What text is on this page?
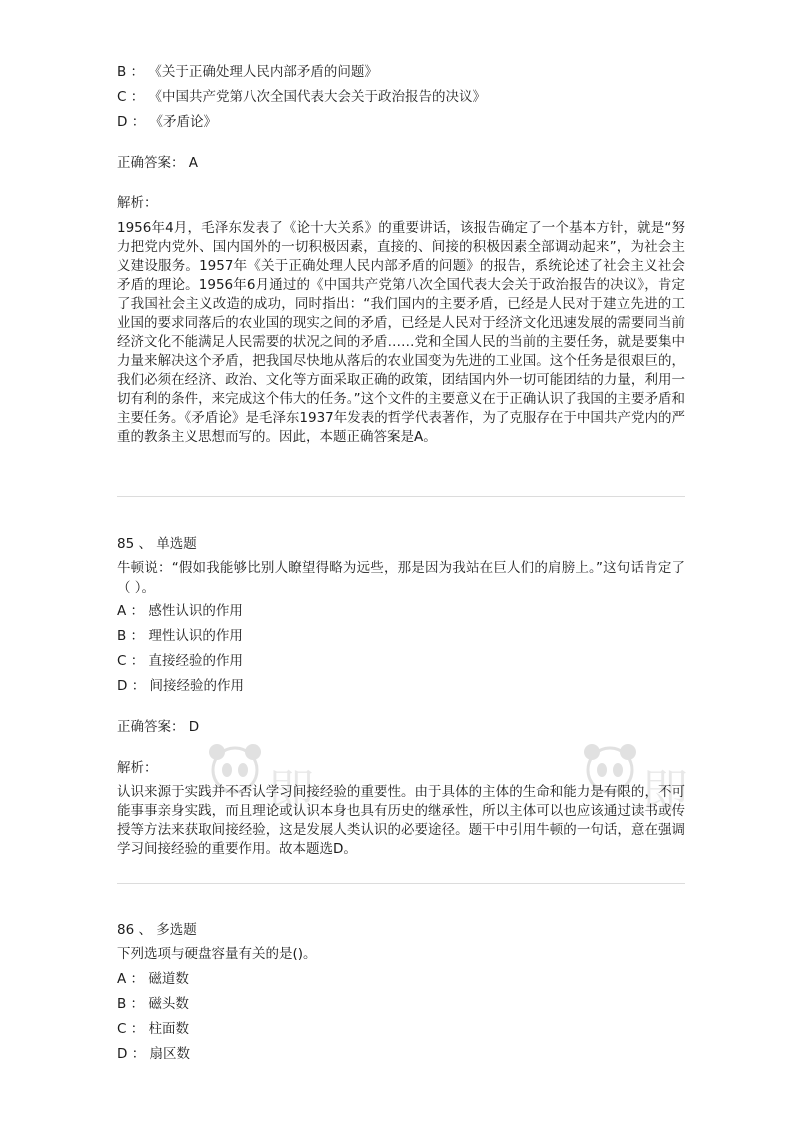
即	即
B ： 《关于正确处理人民内部矛盾的问题》
C ： 《中国共产党第八次全国代表大会关于政治报告的决议》
D ： 《矛盾论》
正确答案： A
解析：
1956年4月，毛泽东发表了《论十大关系》的重要讲话，该报告确定了一个基本方针，就是“努力把党内党外、国内国外的一切积极因素，直接的、间接的积极因素全部调动起来”，为社会主义建设服务。1957年《关于正确处理人民内部矛盾的问题》的报告，系统论述了社会主义社会矛盾的理论。1956年6月通过的《中国共产党第八次全国代表大会关于政治报告的决议》，肯定了我国社会主义改造的成功，同时指出：“我们国内的主要矛盾，已经是人民对于建立先进的工业国的要求同落后的农业国的现实之间的矛盾，已经是人民对于经济文化迅速发展的需要同当前经济文化不能满足人民需要的状况之间的矛盾……党和全国人民的当前的主要任务，就是要集中力量来解决这个矛盾，把我国尽快地从落后的农业国变为先进的工业国。这个任务是很艰巨的，我们必须在经济、政治、文化等方面采取正确的政策，团结国内外一切可能团结的力量，利用一切有利的条件，来完成这个伟大的任务。”这个文件的主要意义在于正确认识了我国的主要矛盾和主要任务。《矛盾论》是毛泽东1937年发表的哲学代表著作，为了克服存在于中国共产党内的严重的教条主义思想而写的。因此，本题正确答案是A。
85 、 单选题
牛顿说：“假如我能够比别人瞭望得略为远些，那是因为我站在巨人们的肩膀上。”这句话肯定了（ ）。
A ： 感性认识的作用
B ： 理性认识的作用
C ： 直接经验的作用
D ： 间接经验的作用
正确答案： D
解析：
认识来源于实践并不否认学习间接经验的重要性。由于具体的主体的生命和能力是有限的，不可能事事亲身实践，而且理论或认识本身也具有历史的继承性，所以主体可以也应该通过读书或传授等方法来获取间接经验，这是发展人类认识的必要途径。题干中引用牛顿的一句话，意在强调学习间接经验的重要作用。故本题选D。
86 、 多选题
下列选项与硬盘容量有关的是()。
A ： 磁道数
B ： 磁头数
C ： 柱面数
D ： 扇区数
